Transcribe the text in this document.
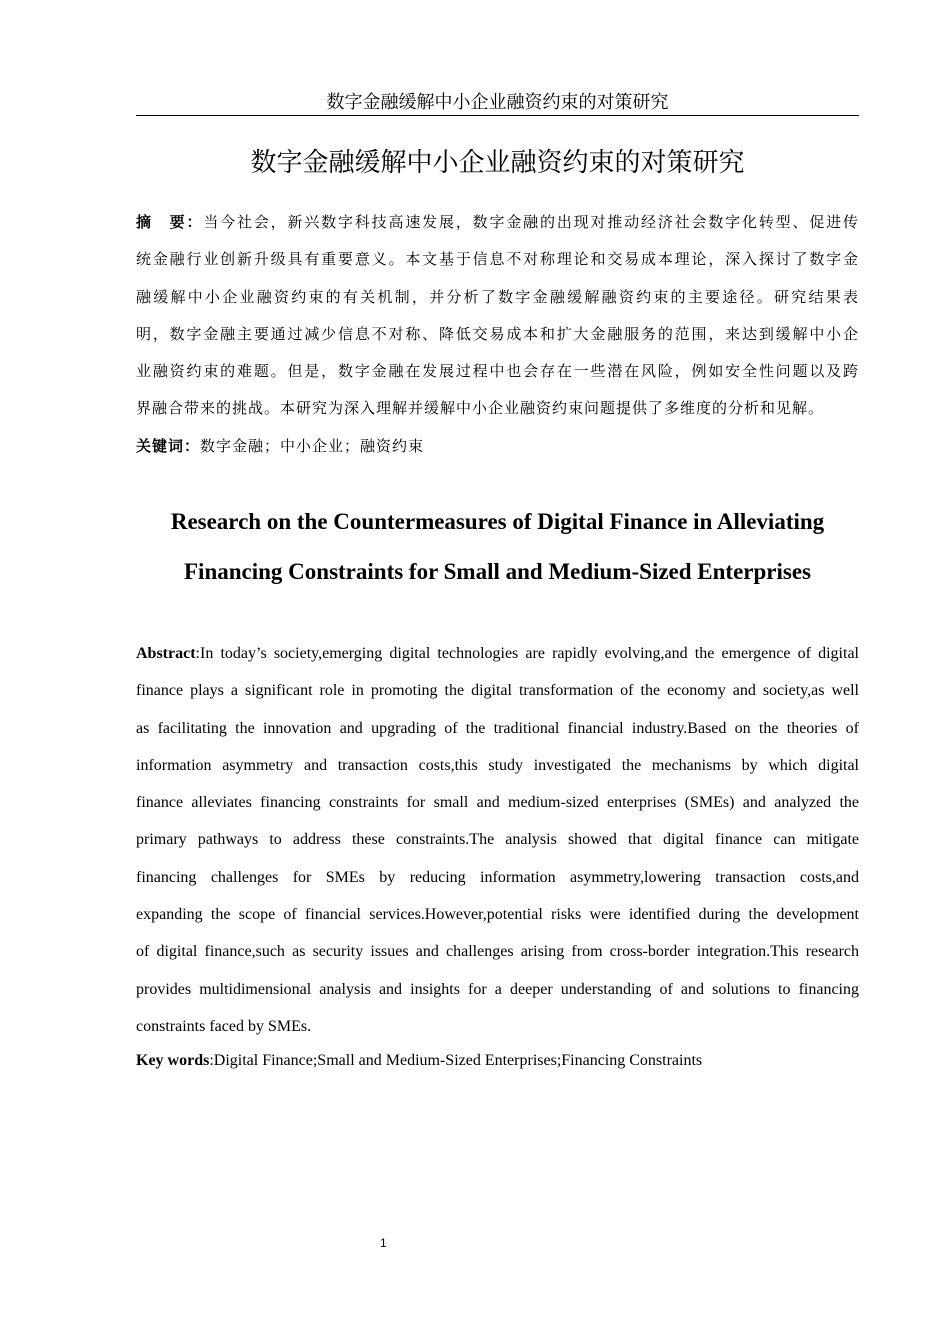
数字金融缓解中小企业融资约束的对策研究
数字金融缓解中小企业融资约束的对策研究
摘　要：当今社会，新兴数字科技高速发展，数字金融的出现对推动经济社会数字化转型、促进传
统金融行业创新升级具有重要意义。本文基于信息不对称理论和交易成本理论，深入探讨了数字金
融缓解中小企业融资约束的有关机制，并分析了数字金融缓解融资约束的主要途径。研究结果表
明，数字金融主要通过减少信息不对称、降低交易成本和扩大金融服务的范围，来达到缓解中小企
业融资约束的难题。但是，数字金融在发展过程中也会存在一些潜在风险，例如安全性问题以及跨
界融合带来的挑战。本研究为深入理解并缓解中小企业融资约束问题提供了多维度的分析和见解。
关键词：数字金融；中小企业；融资约束
Research on the Countermeasures of Digital Finance in Alleviating
Financing Constraints for Small and Medium-Sized Enterprises
Abstract:In today’s society,emerging digital technologies are rapidly evolving,and the emergence of digital
finance plays a significant role in promoting the digital transformation of the economy and society,as well
as facilitating the innovation and upgrading of the traditional financial industry.Based on the theories of
information asymmetry and transaction costs,this study investigated the mechanisms by which digital
finance alleviates financing constraints for small and medium-sized enterprises (SMEs) and analyzed the
primary pathways to address these constraints.The analysis showed that digital finance can mitigate
financing challenges for SMEs by reducing information asymmetry,lowering transaction costs,and
expanding the scope of financial services.However,potential risks were identified during the development
of digital finance,such as security issues and challenges arising from cross-border integration.This research
provides multidimensional analysis and insights for a deeper understanding of and solutions to financing
constraints faced by SMEs.
Key words:Digital Finance;Small and Medium-Sized Enterprises;Financing Constraints
1
